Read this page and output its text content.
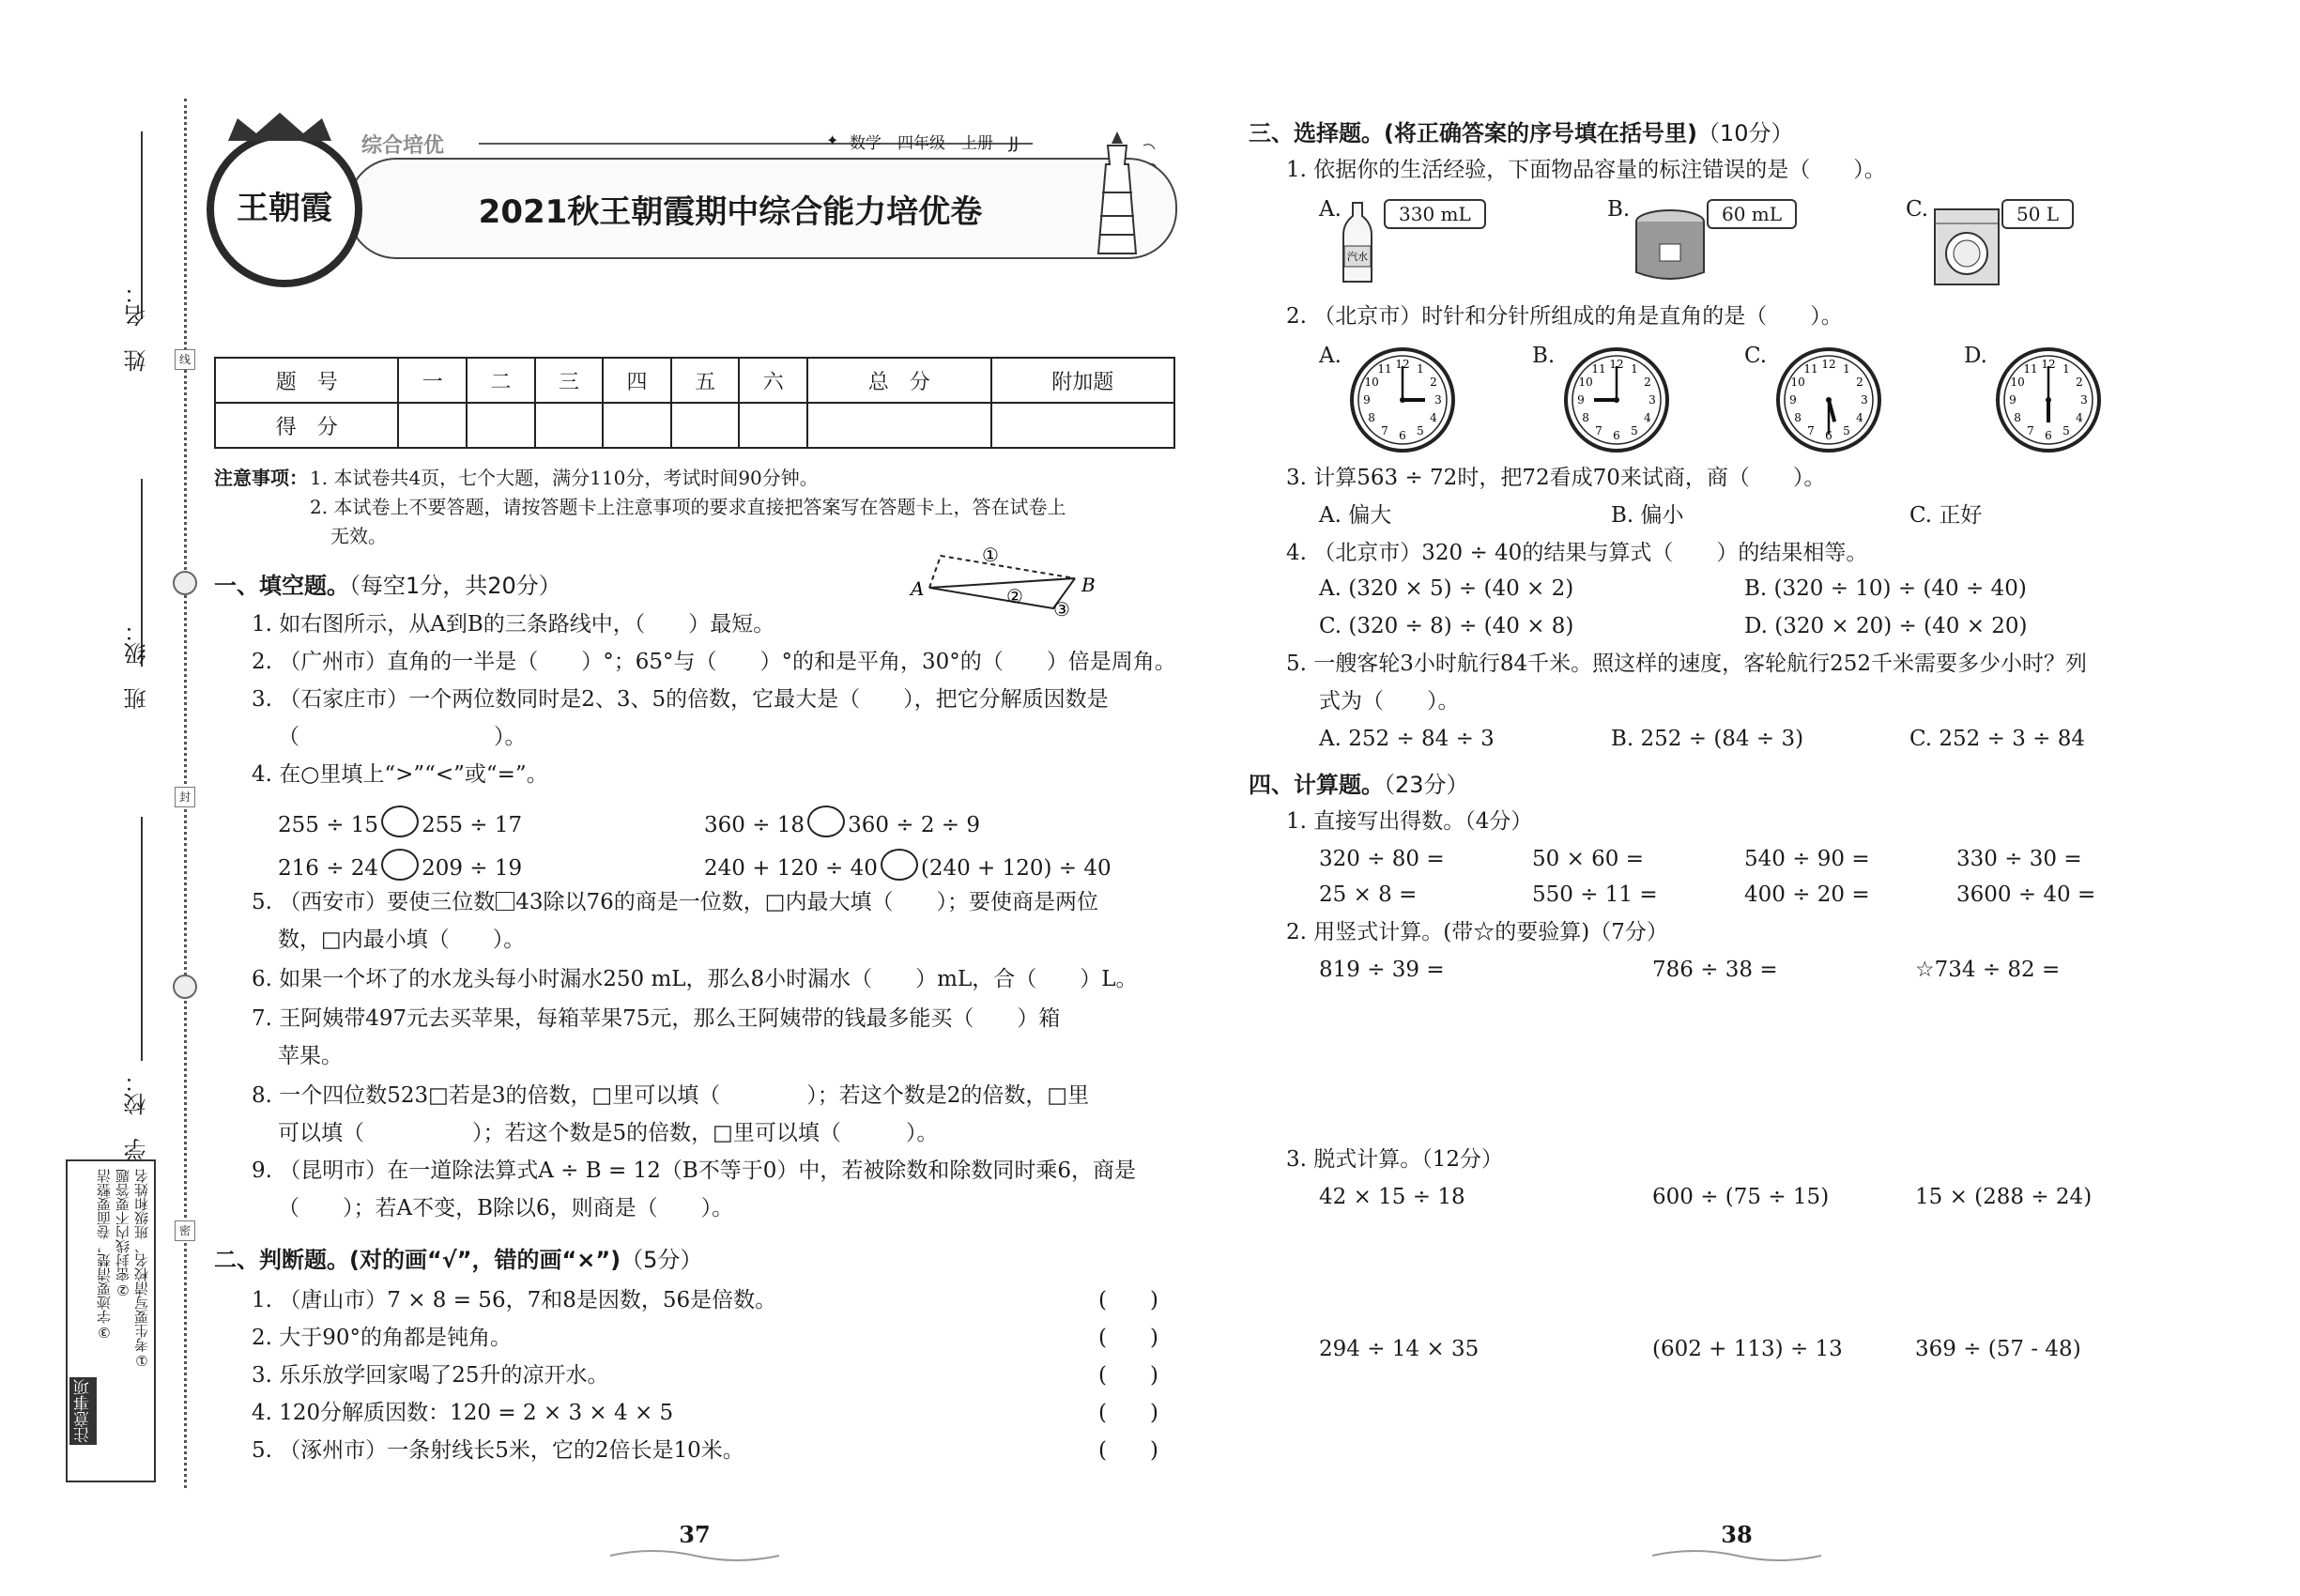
线
封
密
姓　名：
班　级：
学　校：
注意事项
③字迹要清楚，卷面要整洁 ②密封线内不要答题 ①考生要写清校名、班级和姓名
王朝霞
综合培优	✦ 数学　四年级　上册　JJ
2021秋王朝霞期中综合能力培优卷
题　号	一	二	三	四	五	六	总　分	附加题
得　分								
注意事项： 1. 本试卷共4页，七个大题，满分110分，考试时间90分钟。
2. 本试卷上不要答题，请按答题卡上注意事项的要求直接把答案写在答题卡上，答在试卷上
无效。
一、填空题。（每空1分，共20分）	A	B
①
②
③
1. 如右图所示，从A到B的三条路线中，（　　）最短。
2. （广州市）直角的一半是（　　）°；65°与（　　）°的和是平角，30°的（　　）倍是周角。
3. （石家庄市）一个两位数同时是2、3、5的倍数，它最大是（　　），把它分解质因数是
（　　　　　　　　　）。
4. 在○里填上“>”“<”或“=”。
255 ÷ 15 255 ÷ 17	360 ÷ 18 360 ÷ 2 ÷ 9
216 ÷ 24 209 ÷ 19	240 + 120 ÷ 40 (240 + 120) ÷ 40
5. （西安市）要使三位数 43除以76的商是一位数，□内最大填（　　）；要使商是两位
数，□内最小填（　　）。
6. 如果一个坏了的水龙头每小时漏水250 mL，那么8小时漏水（　　）mL，合（　　）L。
7. 王阿姨带497元去买苹果，每箱苹果75元，那么王阿姨带的钱最多能买（　　）箱
苹果。
8. 一个四位数523□若是3的倍数，□里可以填（　　　　）；若这个数是2的倍数，□里
可以填（　　　　　）；若这个数是5的倍数，□里可以填（　　　）。
9. （昆明市）在一道除法算式A ÷ B = 12（B不等于0）中，若被除数和除数同时乘6，商是
（　　）；若A不变，B除以6，则商是（　　）。
二、判断题。(对的画“√”，错的画“×”)（5分）
1. （唐山市）7 × 8 = 56，7和8是因数，56是倍数。
2. 大于90°的角都是钝角。
3. 乐乐放学回家喝了25升的凉开水。
4. 120分解质因数：120 = 2 × 3 × 4 × 5
5. （涿州市）一条射线长5米，它的2倍长是10米。
(　　)
(　　)
(　　)
(　　)
(　　)
37	38
三、选择题。(将正确答案的序号填在括号里)（10分）
1. 依据你的生活经验，下面物品容量的标注错误的是（　　）。
A.
汽水
330 mL	B.	60 mL	C.	50 L
2. （北京市）时针和分针所组成的角是直角的是（　　）。
A.	B.	C.	D.
1
2
3
4
5
6
7
8
9
10
11 12	1
2
3
4
5
6
7
8
9
10
11 12	1
2
3
4
5
6
7
8
9
10
11 12	1
2
3
4
5
6
7
8
9
10
11 12
3. 计算563 ÷ 72时，把72看成70来试商，商（　　）。
A. 偏大	B. 偏小	C. 正好
4. （北京市）320 ÷ 40的结果与算式（　　）的结果相等。
A. (320 × 5) ÷ (40 × 2)	B. (320 ÷ 10) ÷ (40 ÷ 40)
C. (320 ÷ 8) ÷ (40 × 8)	D. (320 × 20) ÷ (40 × 20)
5. 一艘客轮3小时航行84千米。照这样的速度，客轮航行252千米需要多少小时？列
式为（　　）。
A. 252 ÷ 84 ÷ 3	B. 252 ÷ (84 ÷ 3)	C. 252 ÷ 3 ÷ 84
四、计算题。（23分）
1. 直接写出得数。（4分）
320 ÷ 80 =	50 × 60 =	540 ÷ 90 =	330 ÷ 30 =
25 × 8 =	550 ÷ 11 =	400 ÷ 20 =	3600 ÷ 40 =
2. 用竖式计算。(带☆的要验算)（7分）
819 ÷ 39 =	786 ÷ 38 =	☆734 ÷ 82 =
3. 脱式计算。（12分）
42 × 15 ÷ 18	600 ÷ (75 ÷ 15)	15 × (288 ÷ 24)
294 ÷ 14 × 35	(602 + 113) ÷ 13	369 ÷ (57 - 48)
